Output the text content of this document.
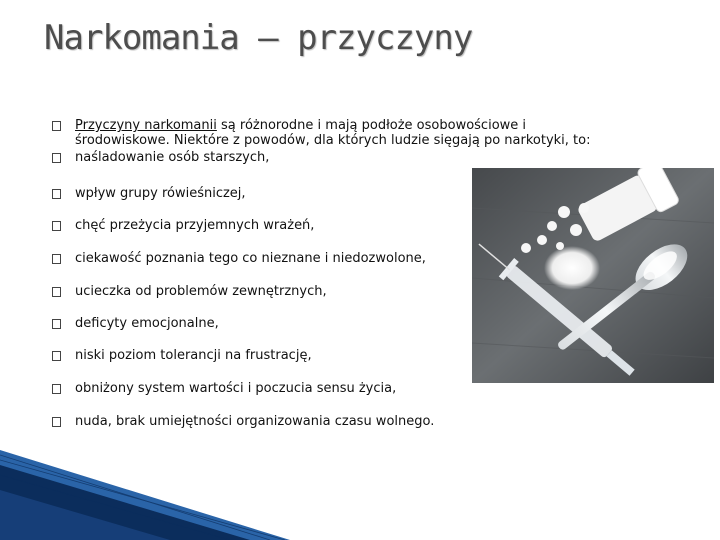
Narkomania – przyczyny
Przyczyny narkomanii są różnorodne i mają podłoże osobowościowe i
środowiskowe. Niektóre z powodów, dla których ludzie sięgają po narkotyki, to:
naśladowanie osób starszych,
wpływ grupy rówieśniczej,
chęć przeżycia przyjemnych wrażeń,
ciekawość poznania tego co nieznane i niedozwolone,
ucieczka od problemów zewnętrznych,
deficyty emocjonalne,
niski poziom tolerancji na frustrację,
obniżony system wartości i poczucia sensu życia,
nuda, brak umiejętności organizowania czasu wolnego.
